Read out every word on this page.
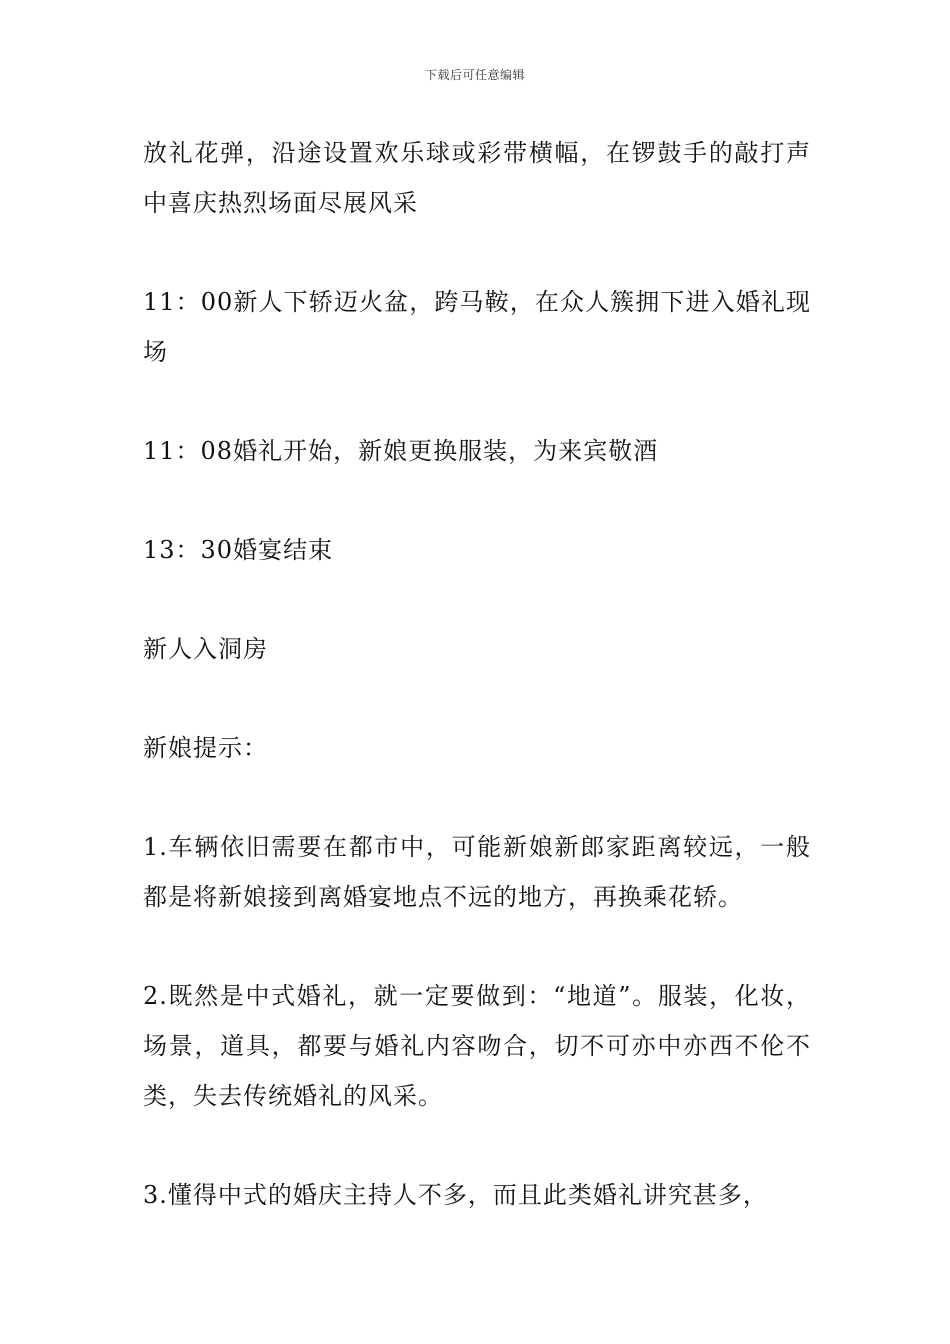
下载后可任意编辑

放礼花弹，沿途设置欢乐球或彩带横幅，在锣鼓手的敲打声中喜庆热烈场面尽展风采

11：00新人下轿迈火盆，跨马鞍，在众人簇拥下进入婚礼现场

11：08婚礼开始，新娘更换服装，为来宾敬酒

13：30婚宴结束

新人入洞房

新娘提示：

1.车辆依旧需要在都市中，可能新娘新郎家距离较远，一般都是将新娘接到离婚宴地点不远的地方，再换乘花轿。

2.既然是中式婚礼，就一定要做到：“地道”。服装，化妆，场景，道具，都要与婚礼内容吻合，切不可亦中亦西不伦不类，失去传统婚礼的风采。

3.懂得中式的婚庆主持人不多，而且此类婚礼讲究甚多，
